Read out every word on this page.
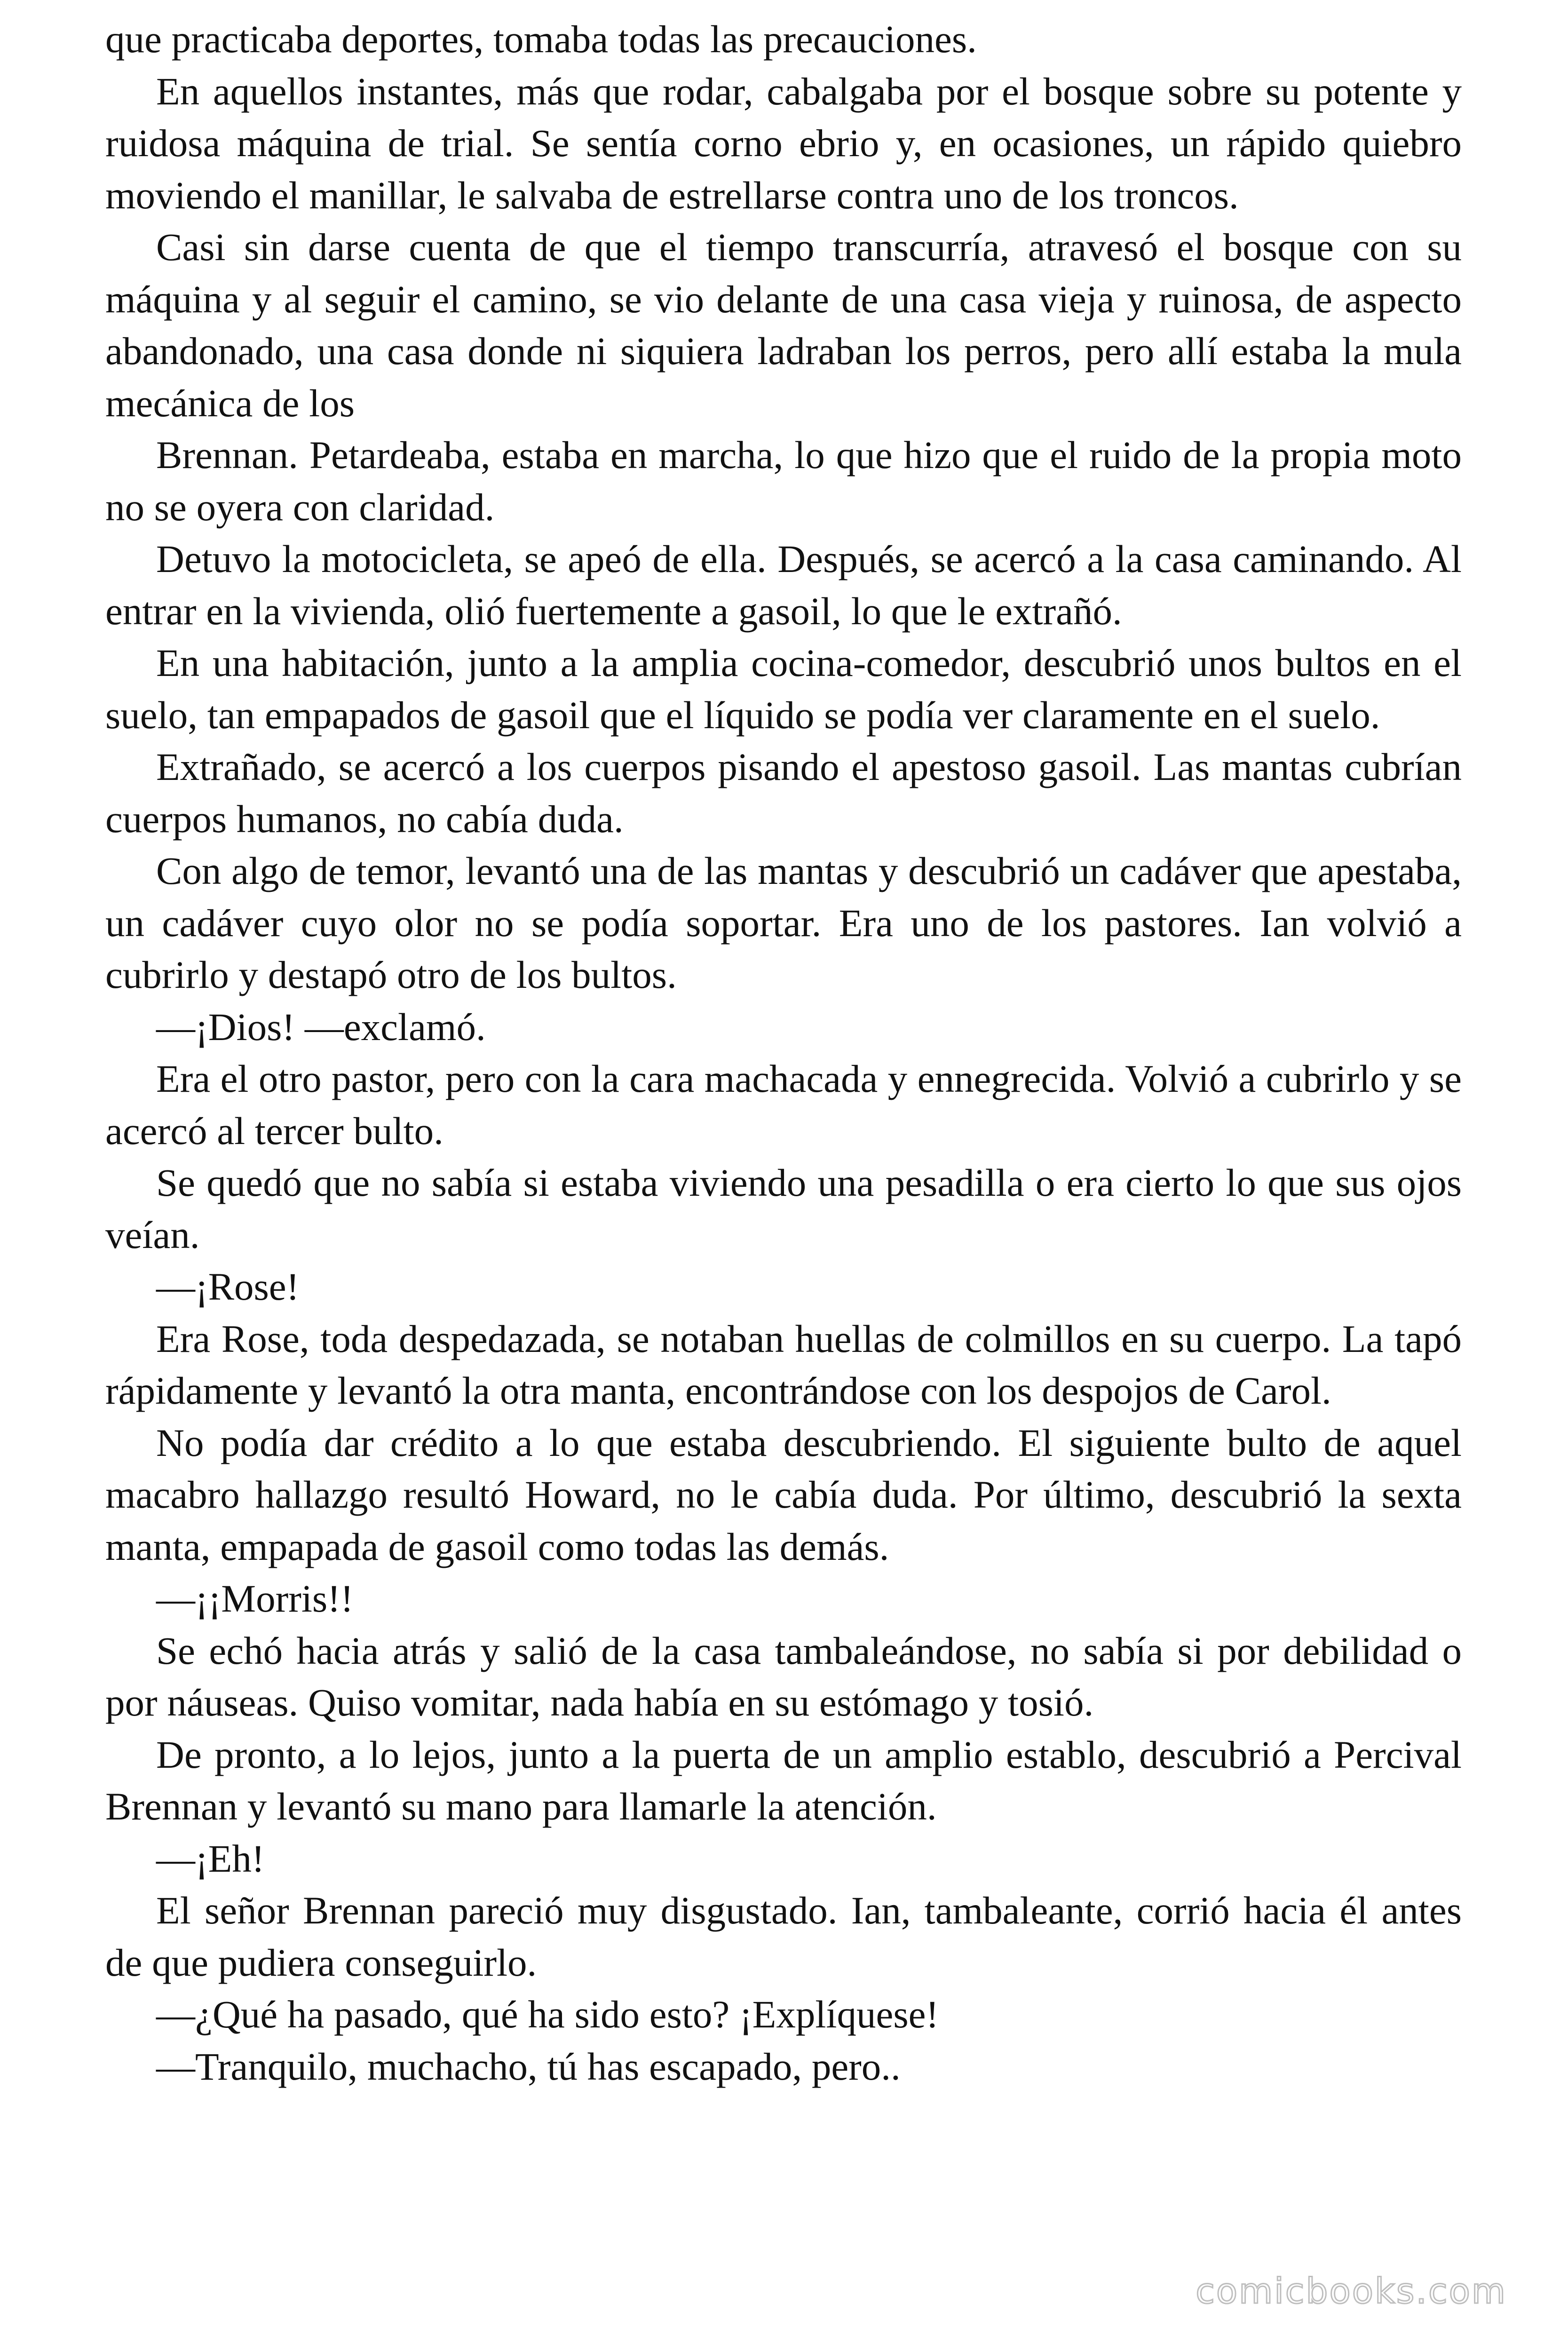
que practicaba deportes, tomaba todas las precauciones.

En aquellos instantes, más que rodar, cabalgaba por el bosque sobre su potente y ruidosa máquina de trial. Se sentía corno ebrio y, en ocasiones, un rápido quiebro moviendo el manillar, le salvaba de estrellarse contra uno de los troncos.

Casi sin darse cuenta de que el tiempo transcurría, atravesó el bosque con su máquina y al seguir el camino, se vio delante de una casa vieja y ruinosa, de aspecto abandonado, una casa donde ni siquiera ladraban los perros, pero allí estaba la mula mecánica de los

Brennan. Petardeaba, estaba en marcha, lo que hizo que el ruido de la propia moto no se oyera con claridad.

Detuvo la motocicleta, se apeó de ella. Después, se acercó a la casa caminando. Al entrar en la vivienda, olió fuertemente a gasoil, lo que le extrañó.

En una habitación, junto a la amplia cocina-comedor, descubrió unos bultos en el suelo, tan empapados de gasoil que el líquido se podía ver claramente en el suelo.

Extrañado, se acercó a los cuerpos pisando el apestoso gasoil. Las mantas cubrían cuerpos humanos, no cabía duda.

Con algo de temor, levantó una de las mantas y descubrió un cadáver que apestaba, un cadáver cuyo olor no se podía soportar. Era uno de los pastores. Ian volvió a cubrirlo y destapó otro de los bultos.

—¡Dios! —exclamó.

Era el otro pastor, pero con la cara machacada y ennegrecida. Volvió a cubrirlo y se acercó al tercer bulto.

Se quedó que no sabía si estaba viviendo una pesadilla o era cierto lo que sus ojos veían.

—¡Rose!

Era Rose, toda despedazada, se notaban huellas de colmillos en su cuerpo. La tapó rápidamente y levantó la otra manta, encontrándose con los despojos de Carol.

No podía dar crédito a lo que estaba descubriendo. El siguiente bulto de aquel macabro hallazgo resultó Howard, no le cabía duda. Por último, descubrió la sexta manta, empapada de gasoil como todas las demás.

—¡¡Morris!!

Se echó hacia atrás y salió de la casa tambaleándose, no sabía si por debilidad o por náuseas. Quiso vomitar, nada había en su estómago y tosió.

De pronto, a lo lejos, junto a la puerta de un amplio establo, descubrió a Percival Brennan y levantó su mano para llamarle la atención.

—¡Eh!

El señor Brennan pareció muy disgustado. Ian, tambaleante, corrió hacia él antes de que pudiera conseguirlo.

—¿Qué ha pasado, qué ha sido esto? ¡Explíquese!

—Tranquilo, muchacho, tú has escapado, pero..

comicbooks.com
